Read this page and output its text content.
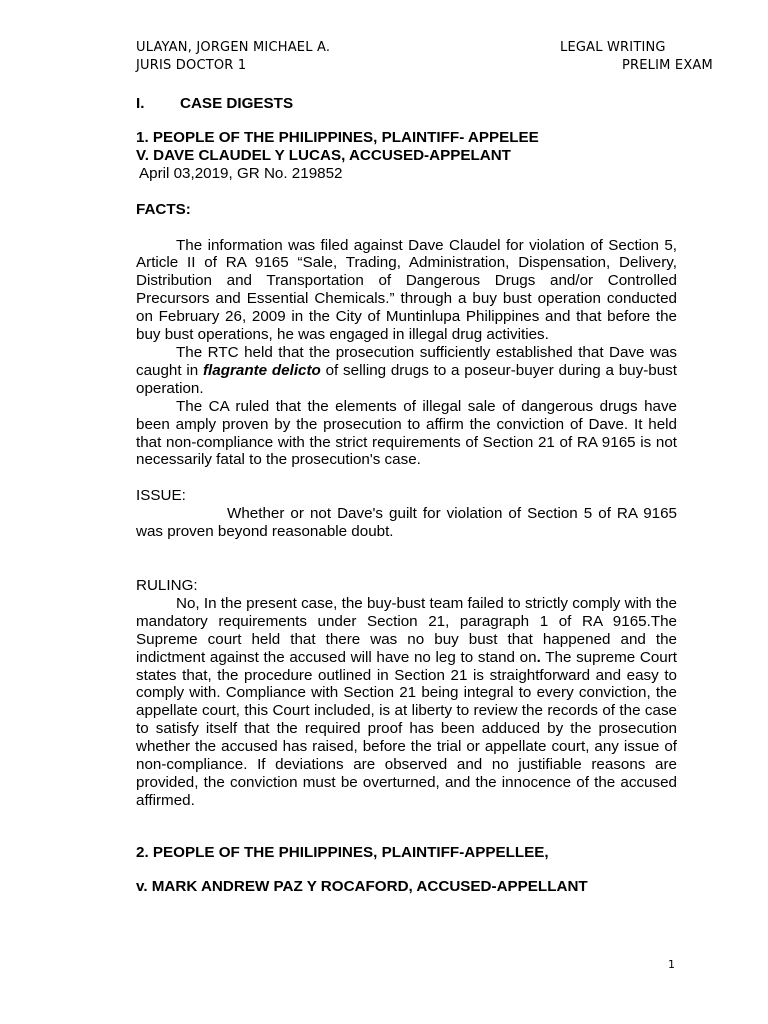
ULAYAN, JORGEN MICHAEL A.
JURIS DOCTOR 1
LEGAL WRITING
PRELIM EXAM

I. CASE DIGESTS

1. PEOPLE OF THE PHILIPPINES, PLAINTIFF- APPELEE

V. DAVE CLAUDEL Y LUCAS, ACCUSED-APPELANT

April 03,2019, GR No. 219852

FACTS:

The information was filed against Dave Claudel for violation of Section 5, Article II of RA 9165 “Sale, Trading, Administration, Dispensation, Delivery, Distribution and Transportation of Dangerous Drugs and/or Controlled Precursors and Essential Chemicals.” through a buy bust operation conducted on February 26, 2009 in the City of Muntinlupa Philippines and that before the buy bust operations, he was engaged in illegal drug activities.

The RTC held that the prosecution sufficiently established that Dave was caught in flagrante delicto of selling drugs to a poseur-buyer during a buy-bust operation.

The CA ruled that the elements of illegal sale of dangerous drugs have been amply proven by the prosecution to affirm the conviction of Dave. It held that non-compliance with the strict requirements of Section 21 of RA 9165 is not necessarily fatal to the prosecution's case.

ISSUE:

Whether or not Dave's guilt for violation of Section 5 of RA 9165 was proven beyond reasonable doubt.

RULING:

No, In the present case, the buy-bust team failed to strictly comply with the mandatory requirements under Section 21, paragraph 1 of RA 9165.The Supreme court held that there was no buy bust that happened and the indictment against the accused will have no leg to stand on. The supreme Court states that, the procedure outlined in Section 21 is straightforward and easy to comply with. Compliance with Section 21 being integral to every conviction, the appellate court, this Court included, is at liberty to review the records of the case to satisfy itself that the required proof has been adduced by the prosecution whether the accused has raised, before the trial or appellate court, any issue of non-compliance. If deviations are observed and no justifiable reasons are provided, the conviction must be overturned, and the innocence of the accused affirmed.

2. PEOPLE OF THE PHILIPPINES, PLAINTIFF-APPELLEE,

v. MARK ANDREW PAZ Y ROCAFORD, ACCUSED-APPELLANT

1
